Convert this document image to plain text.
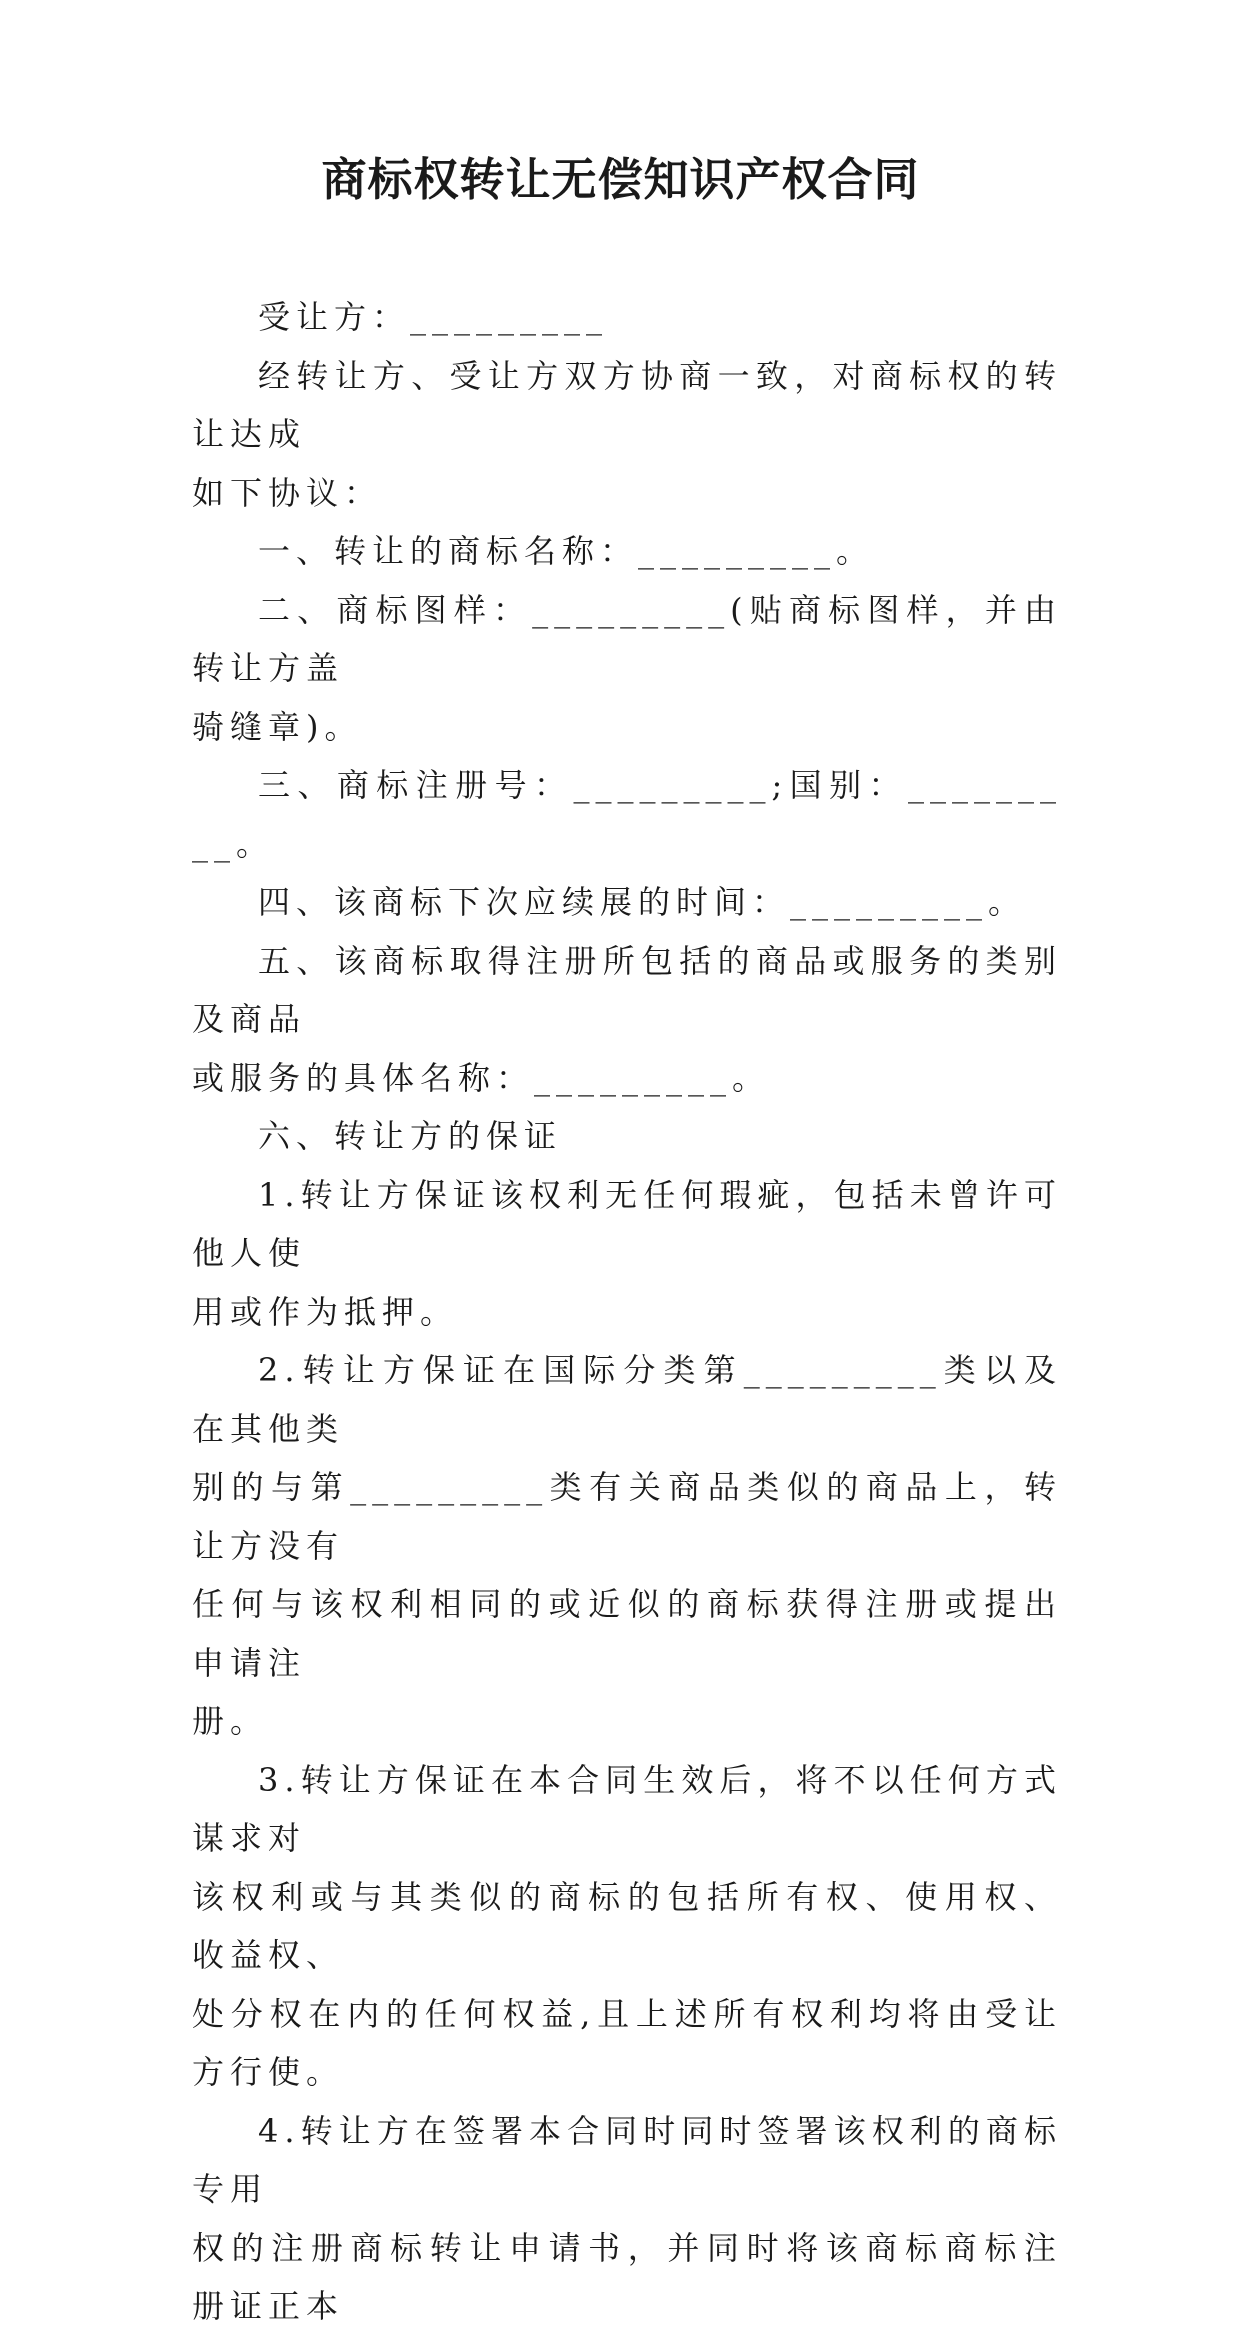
商标权转让无偿知识产权合同

受让方：_________

经转让方、受让方双方协商一致，对商标权的转让达成
如下协议：

一、转让的商标名称：_________。

二、商标图样：_________(贴商标图样，并由转让方盖
骑缝章)。

三、商标注册号：_________;国别：_________。

四、该商标下次应续展的时间：_________。

五、该商标取得注册所包括的商品或服务的类别及商品
或服务的具体名称：_________。

六、转让方的保证

1.转让方保证该权利无任何瑕疵，包括未曾许可他人使
用或作为抵押。

2.转让方保证在国际分类第_________类以及在其他类
别的与第_________类有关商品类似的商品上，转让方没有
任何与该权利相同的或近似的商标获得注册或提出申请注
册。

3.转让方保证在本合同生效后，将不以任何方式谋求对
该权利或与其类似的商标的包括所有权、使用权、收益权、
处分权在内的任何权益,且上述所有权利均将由受让方行使。

4.转让方在签署本合同时同时签署该权利的商标专用
权的注册商标转让申请书，并同时将该商标商标注册证正本
